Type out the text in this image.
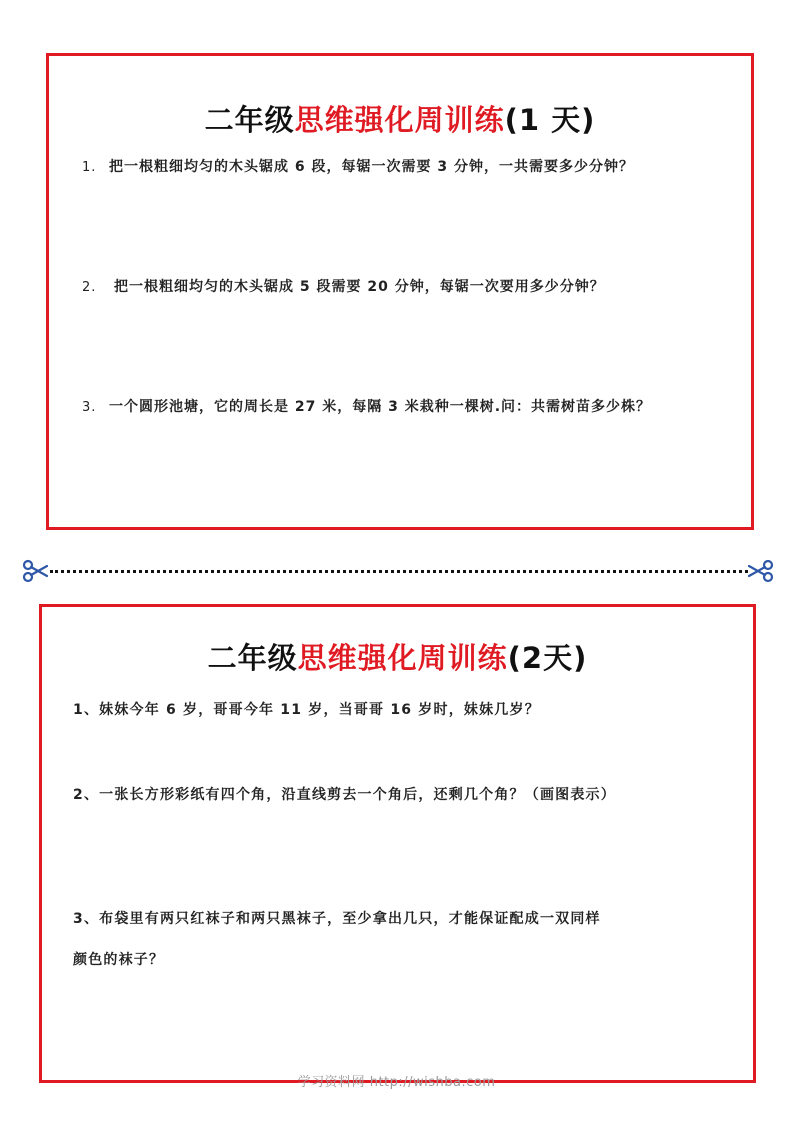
二年级思维强化周训练(1 天)
1. 把一根粗细均匀的木头锯成 6 段，每锯一次需要 3 分钟，一共需要多少分钟？
2. 把一根粗细均匀的木头锯成 5 段需要 20 分钟，每锯一次要用多少分钟？
3. 一个圆形池塘，它的周长是 27 米，每隔 3 米栽种一棵树.问：共需树苗多少株？
二年级思维强化周训练(2天)
1、妹妹今年 6 岁，哥哥今年 11 岁，当哥哥 16 岁时，妹妹几岁？
2、一张长方形彩纸有四个角，沿直线剪去一个角后，还剩几个角？（画图表示）
3、布袋里有两只红袜子和两只黑袜子，至少拿出几只，才能保证配成一双同样
颜色的袜子？
学习资料网 http://wishba.com
